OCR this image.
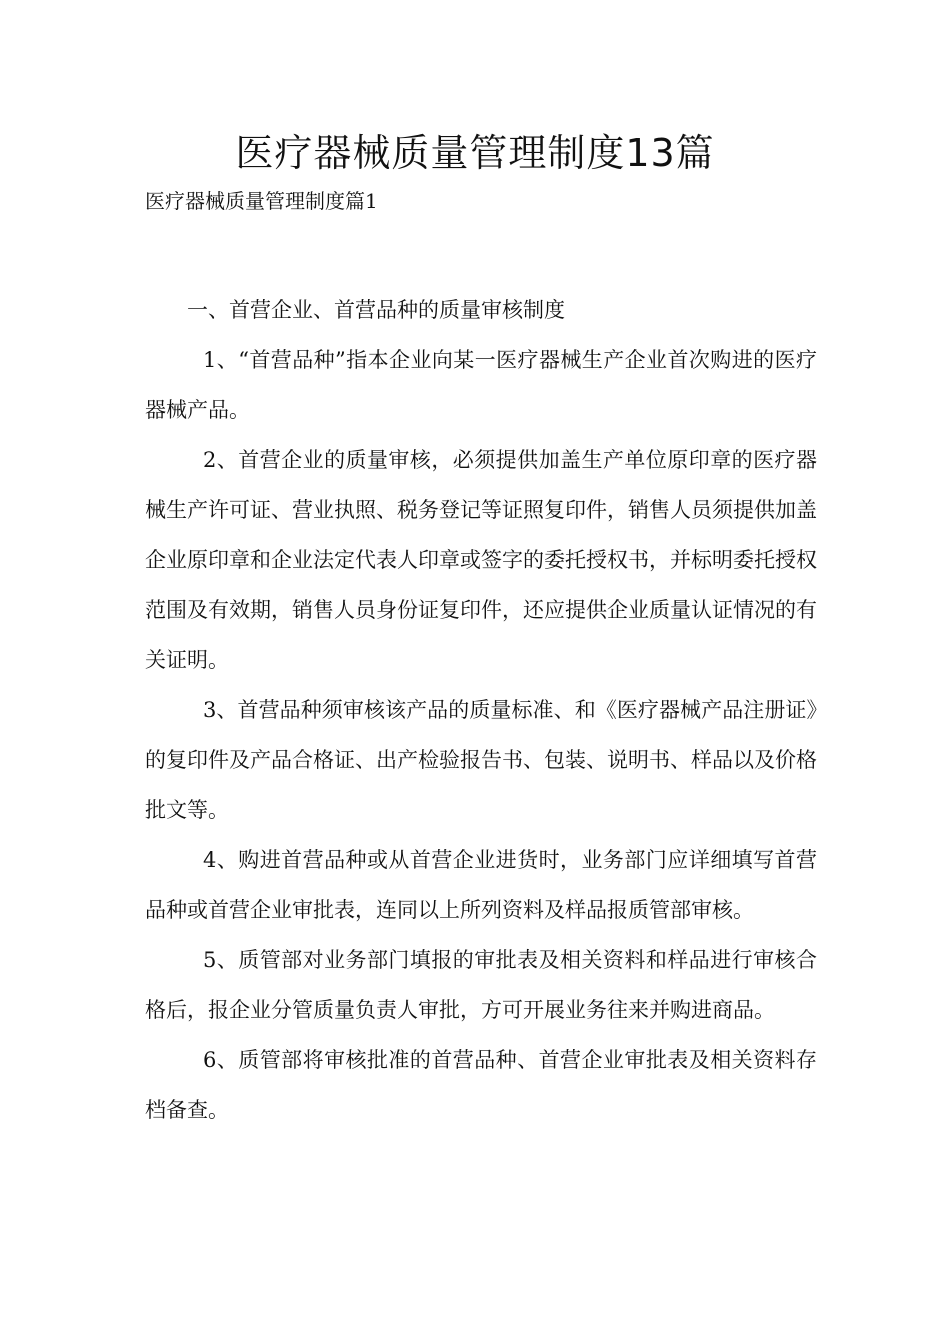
医疗器械质量管理制度13篇

医疗器械质量管理制度篇1

一、首营企业、首营品种的质量审核制度

1、“首营品种”指本企业向某一医疗器械生产企业首次购进的医疗器械产品。

2、首营企业的质量审核，必须提供加盖生产单位原印章的医疗器械生产许可证、营业执照、税务登记等证照复印件，销售人员须提供加盖企业原印章和企业法定代表人印章或签字的委托授权书，并标明委托授权范围及有效期，销售人员身份证复印件，还应提供企业质量认证情况的有关证明。

3、首营品种须审核该产品的质量标准、和《医疗器械产品注册证》的复印件及产品合格证、出产检验报告书、包装、说明书、样品以及价格批文等。

4、购进首营品种或从首营企业进货时，业务部门应详细填写首营品种或首营企业审批表，连同以上所列资料及样品报质管部审核。

5、质管部对业务部门填报的审批表及相关资料和样品进行审核合格后，报企业分管质量负责人审批，方可开展业务往来并购进商品。

6、质管部将审核批准的首营品种、首营企业审批表及相关资料存档备查。
